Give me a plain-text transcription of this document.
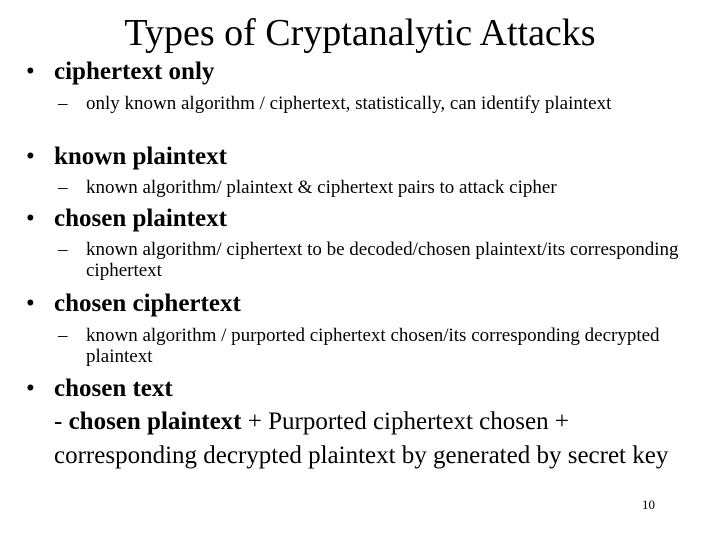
Types of Cryptanalytic Attacks
• ciphertext only
– only known algorithm / ciphertext, statistically, can identify plaintext
• known plaintext
– known algorithm/ plaintext & ciphertext pairs to attack cipher
• chosen plaintext
– known algorithm/ ciphertext to be decoded/chosen plaintext/its corresponding ciphertext
• chosen ciphertext
– known algorithm / purported ciphertext chosen/its corresponding decrypted plaintext
• chosen text
- chosen plaintext + Purported ciphertext chosen + corresponding decrypted plaintext by generated by secret key
10
